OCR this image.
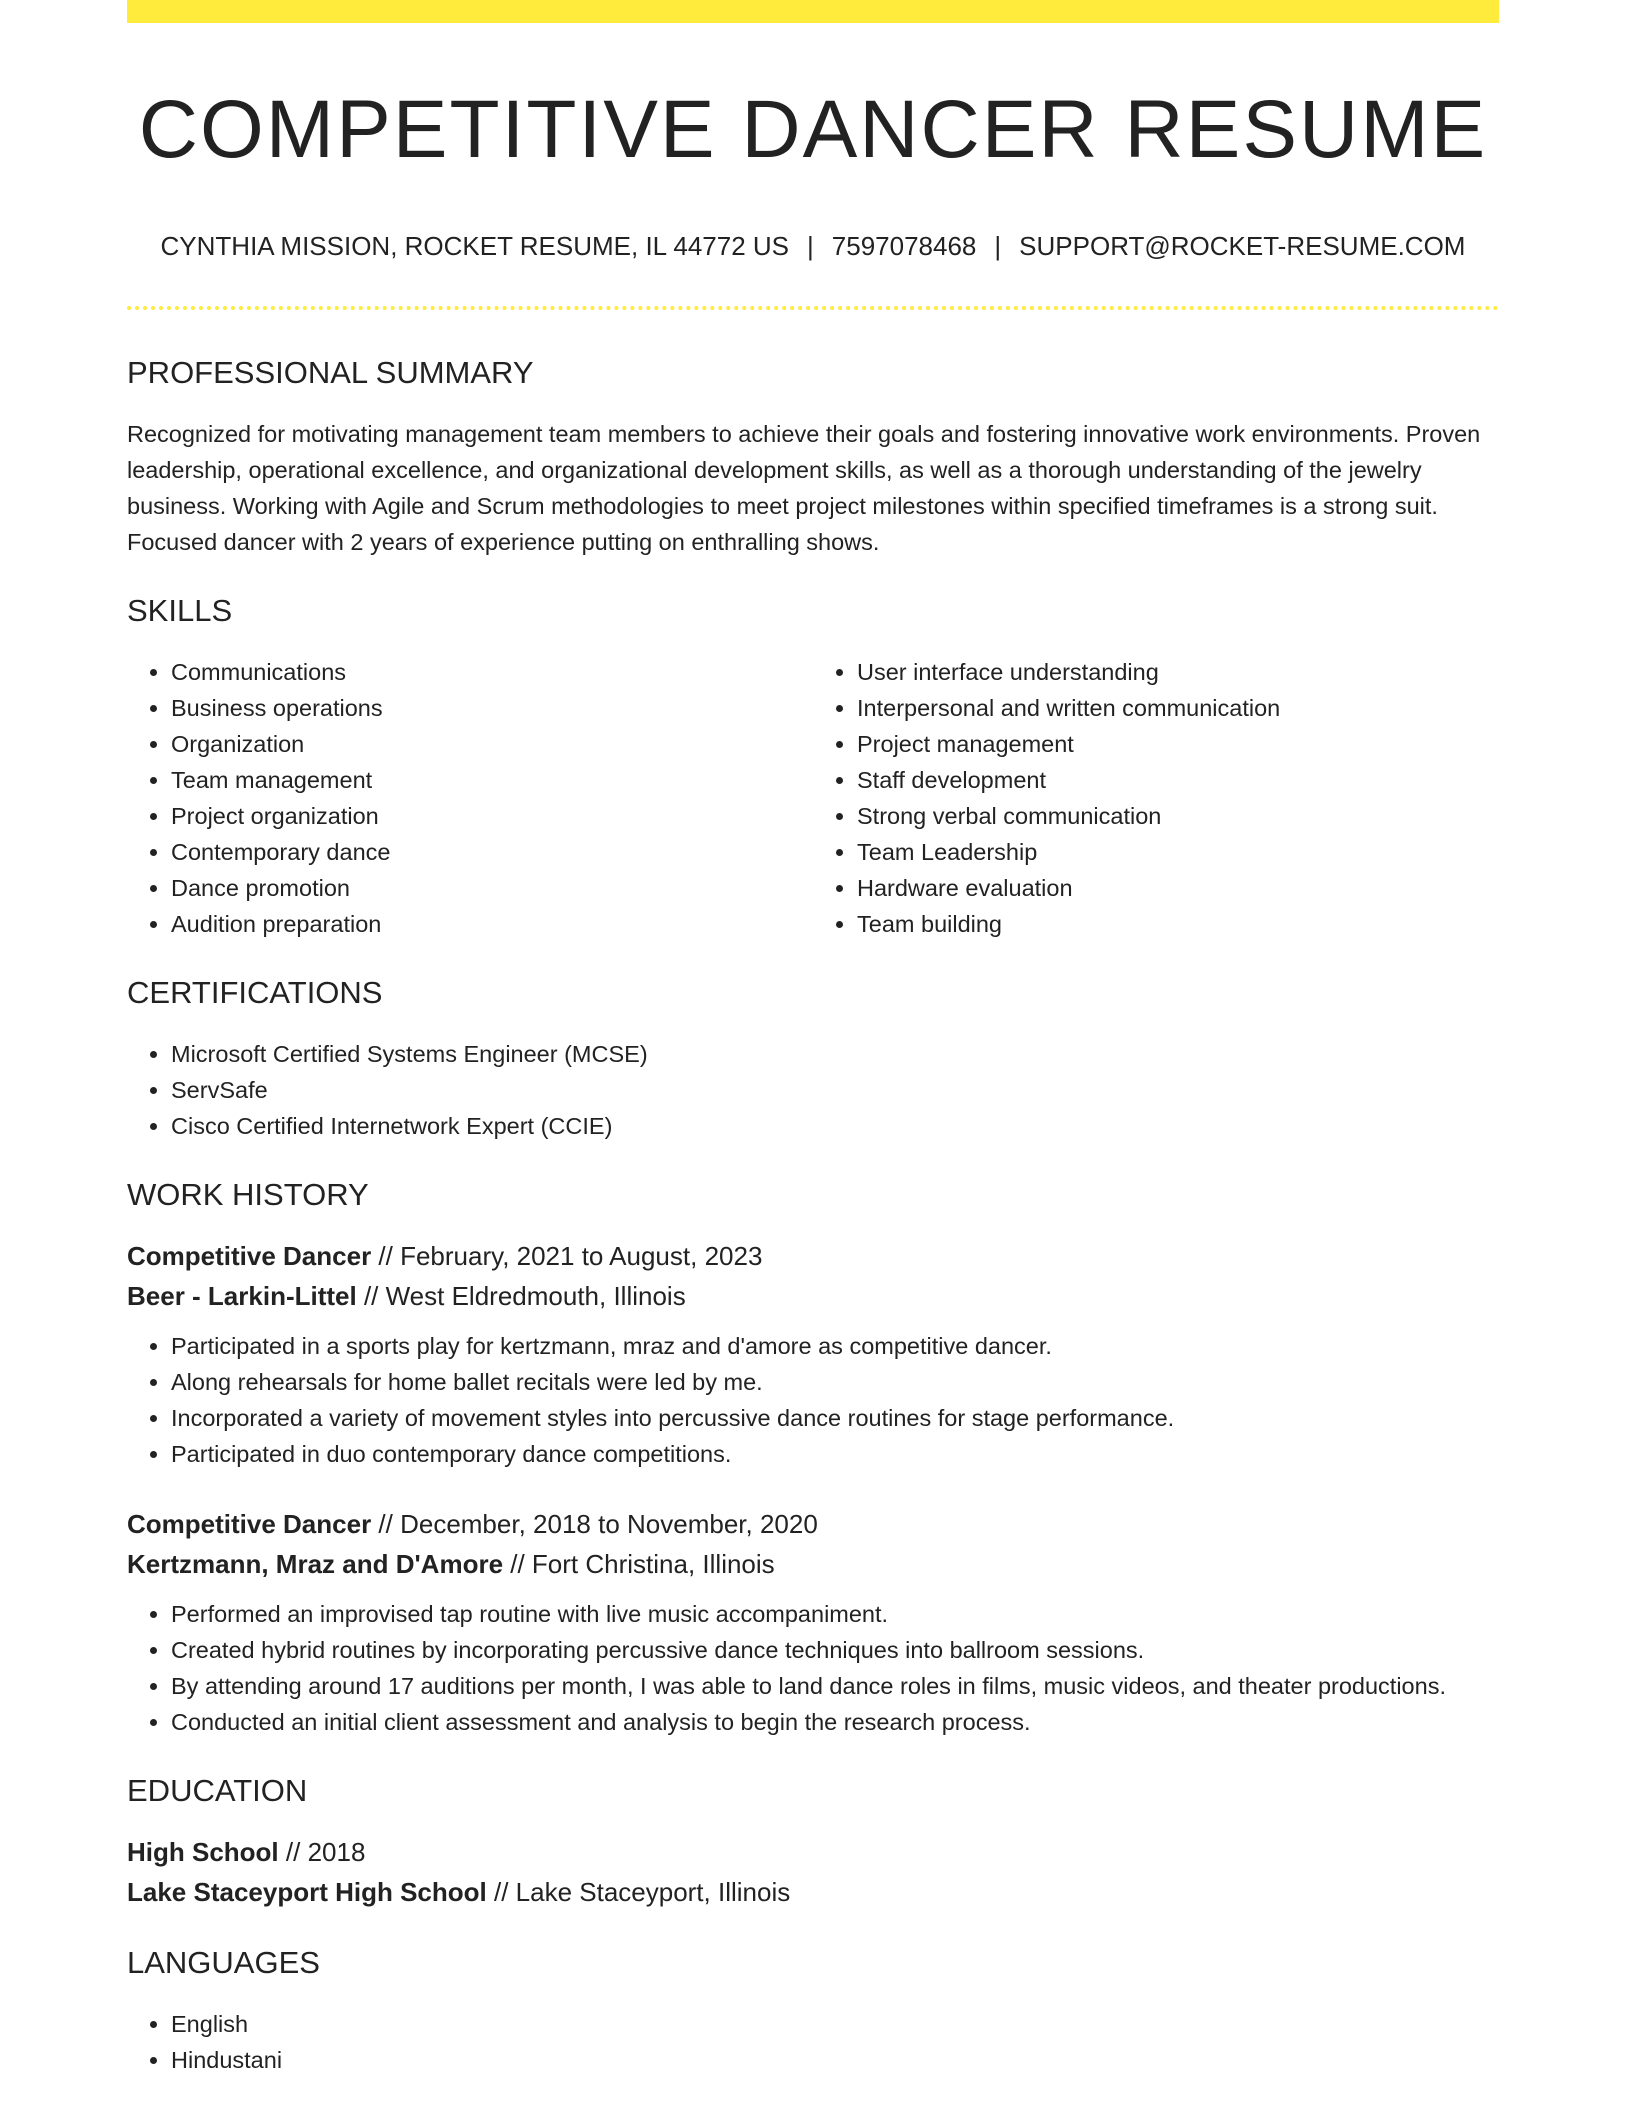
COMPETITIVE DANCER RESUME
CYNTHIA MISSION, ROCKET RESUME, IL 44772 US | 7597078468 | SUPPORT@ROCKET-RESUME.COM
PROFESSIONAL SUMMARY

Recognized for motivating management team members to achieve their goals and fostering innovative work environments. Proven leadership, operational excellence, and organizational development skills, as well as a thorough understanding of the jewelry business. Working with Agile and Scrum methodologies to meet project milestones within specified timeframes is a strong suit. Focused dancer with 2 years of experience putting on enthralling shows.

SKILLS
• Communications
• Business operations
• Organization
• Team management
• Project organization
• Contemporary dance
• Dance promotion
• Audition preparation
• User interface understanding
• Interpersonal and written communication
• Project management
• Staff development
• Strong verbal communication
• Team Leadership
• Hardware evaluation
• Team building
CERTIFICATIONS
• Microsoft Certified Systems Engineer (MCSE)
• ServSafe
• Cisco Certified Internetwork Expert (CCIE)
WORK HISTORY
Competitive Dancer // February, 2021 to August, 2023
Beer - Larkin-Littel // West Eldredmouth, Illinois
• Participated in a sports play for kertzmann, mraz and d'amore as competitive dancer.
• Along rehearsals for home ballet recitals were led by me.
• Incorporated a variety of movement styles into percussive dance routines for stage performance.
• Participated in duo contemporary dance competitions.
Competitive Dancer // December, 2018 to November, 2020
Kertzmann, Mraz and D'Amore // Fort Christina, Illinois
• Performed an improvised tap routine with live music accompaniment.
• Created hybrid routines by incorporating percussive dance techniques into ballroom sessions.
• By attending around 17 auditions per month, I was able to land dance roles in films, music videos, and theater productions.
• Conducted an initial client assessment and analysis to begin the research process.
EDUCATION
High School // 2018
Lake Staceyport High School // Lake Staceyport, Illinois
LANGUAGES
• English
• Hindustani
